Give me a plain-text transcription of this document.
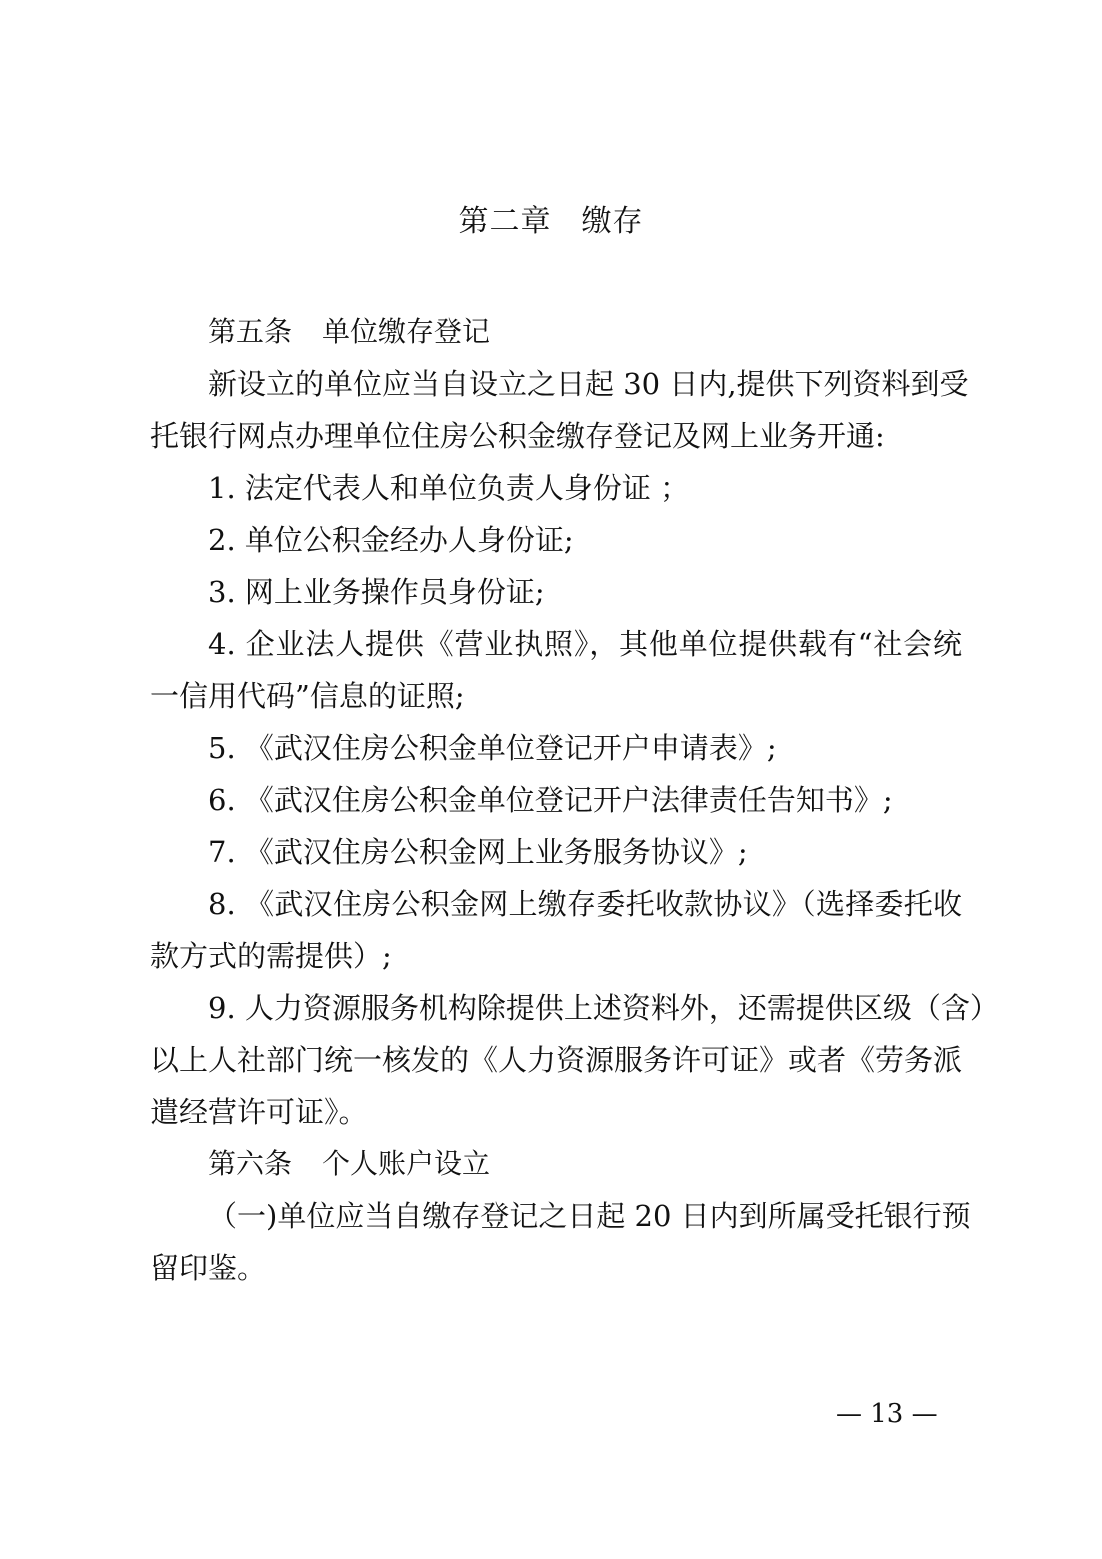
第二章 缴存
第五条 单位缴存登记
新设立的单位应当自设立之日起 30 日内,提供下列资料到受
托银行网点办理单位住房公积金缴存登记及网上业务开通:
1. 法定代表人和单位负责人身份证 ；
2. 单位公积金经办人身份证;
3. 网上业务操作员身份证;
4. 企业法人提供《营业执照》，其他单位提供载有“社会统
一信用代码”信息的证照;
5. 《武汉住房公积金单位登记开户申请表》;
6. 《武汉住房公积金单位登记开户法律责任告知书》;
7. 《武汉住房公积金网上业务服务协议》;
8. 《武汉住房公积金网上缴存委托收款协议》（选择委托收
款方式的需提供）;
9. 人力资源服务机构除提供上述资料外，还需提供区级（含）
以上人社部门统一核发的《人力资源服务许可证》或者《劳务派
遣经营许可证》。
第六条 个人账户设立
（一)单位应当自缴存登记之日起 20 日内到所属受托银行预
留印鉴。
— 13 —
